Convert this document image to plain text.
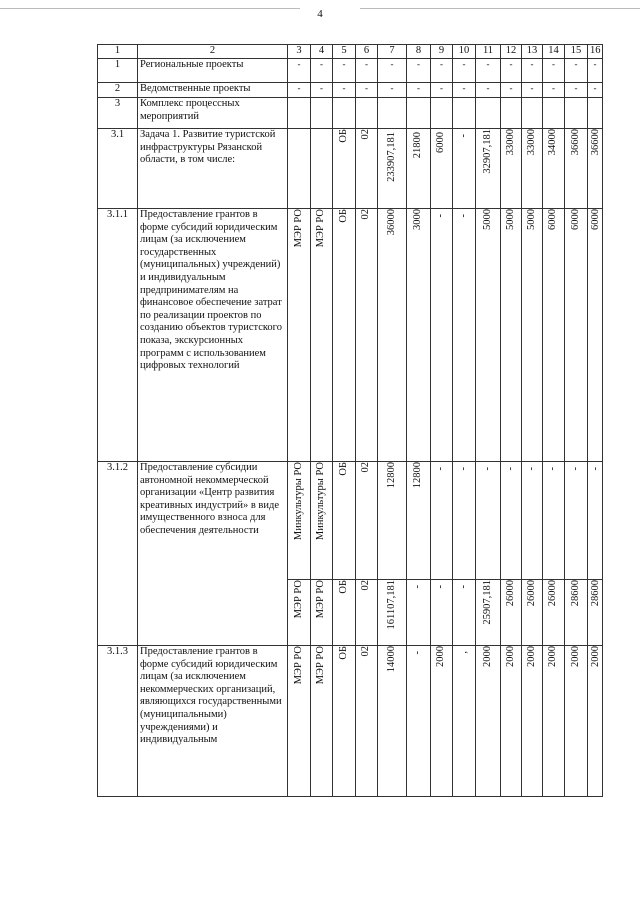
4
1	2	3	4	5	6	7	8	9	10	11	12	13	14	15	16
1	Региональные проекты	-	-	-	-	-	-	-	-	-	-	-	-	-	-
2	Ведомственные проекты	-	-	-	-	-	-	-	-	-	-	-	-	-	-
3	Комплекс процессных мероприятий														
3.1	Задача 1. Развитие туристской инфраструктуры Рязанской области, в том числе:			ОБ	02	233907,181	21800	6000	-	32907,181	33000	33000	34000	36600	36600
3.1.1	Предоставление грантов в форме субсидий юридическим лицам (за исключением государственных (муниципальных) учреждений) и индивидуальным предпринимателям на финансовое обеспечение затрат по реализации проектов по созданию объектов туристского показа, экскурсионных программ с использованием цифровых технологий	МЭР РО	МЭР РО	ОБ	02	36000	3000	-	-	5000	5000	5000	6000	6000	6000
3.1.2	Предоставление субсидии автономной некоммерческой организации «Центр развития креативных индустрий» в виде имущественного взноса для обеспечения деятельности	Минкультуры РО	Минкультуры РО	ОБ	02	12800	12800	-	-	-	-	-	-	-	-
		МЭР РО	МЭР РО	ОБ	02	161107,181	-	-	-	25907,181	26000	26000	26000	28600	28600
3.1.3	Предоставление грантов в форме субсидий юридическим лицам (за исключением некоммерческих организаций, являющихся государственными (муниципальными) учреждениями) и индивидуальным	МЭР РО	МЭР РО	ОБ	02	14000	-	2000	,	2000	2000	2000	2000	2000	2000
